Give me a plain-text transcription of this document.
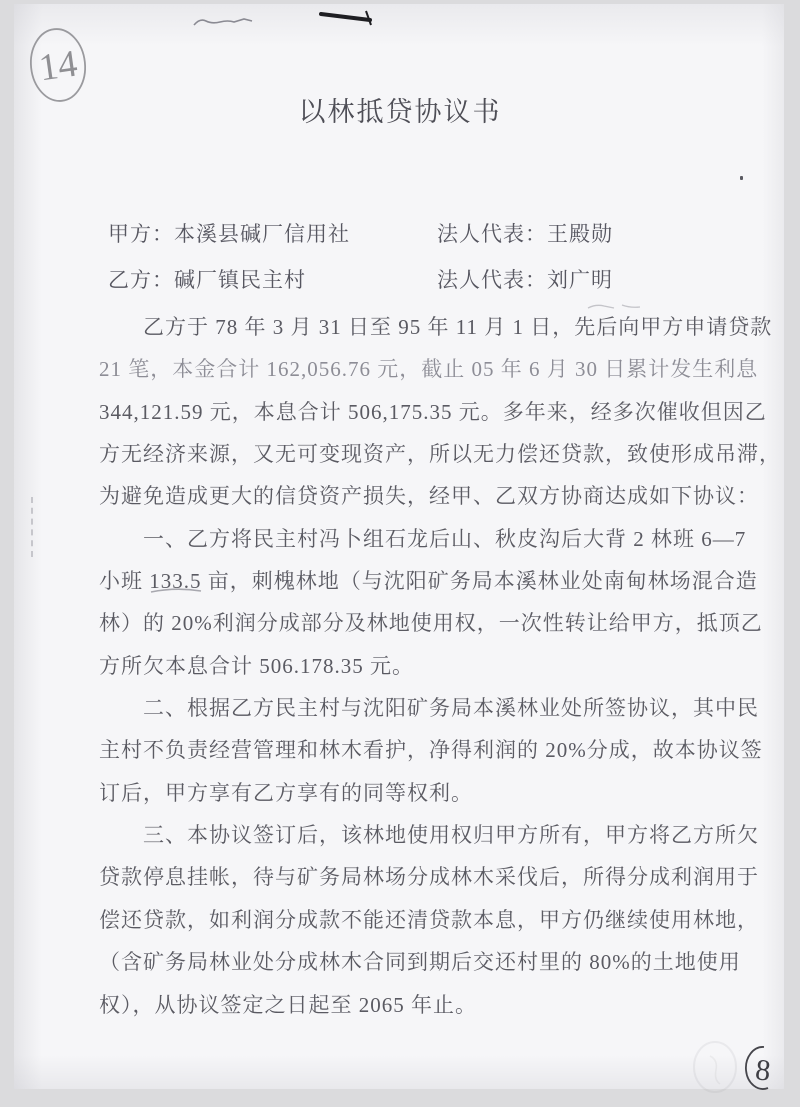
14
以林抵贷协议书
甲方：本溪县碱厂信用社	法人代表：王殿勋
乙方：碱厂镇民主村	法人代表：刘广明
乙方于 78 年 3 月 31 日至 95 年 11 月 1 日，先后向甲方申请贷款
21 笔，本金合计 162,056.76 元，截止 05 年 6 月 30 日累计发生利息
344,121.59 元，本息合计 506,175.35 元。多年来，经多次催收但因乙
方无经济来源，又无可变现资产，所以无力偿还贷款，致使形成吊滞，
为避免造成更大的信贷资产损失，经甲、乙双方协商达成如下协议：
一、乙方将民主村冯卜组石龙后山、秋皮沟后大背 2 林班 6—7
小班 133.5 亩，刺槐林地（与沈阳矿务局本溪林业处南甸林场混合造
林）的 20%利润分成部分及林地使用权，一次性转让给甲方，抵顶乙
方所欠本息合计 506.178.35 元。
二、根据乙方民主村与沈阳矿务局本溪林业处所签协议，其中民
主村不负责经营管理和林木看护，净得利润的 20%分成，故本协议签
订后，甲方享有乙方享有的同等权利。
三、本协议签订后，该林地使用权归甲方所有，甲方将乙方所欠
贷款停息挂帐，待与矿务局林场分成林木采伐后，所得分成利润用于
偿还贷款，如利润分成款不能还清贷款本息，甲方仍继续使用林地，
（含矿务局林业处分成林木合同到期后交还村里的 80%的土地使用
权），从协议签定之日起至 2065 年止。
8
